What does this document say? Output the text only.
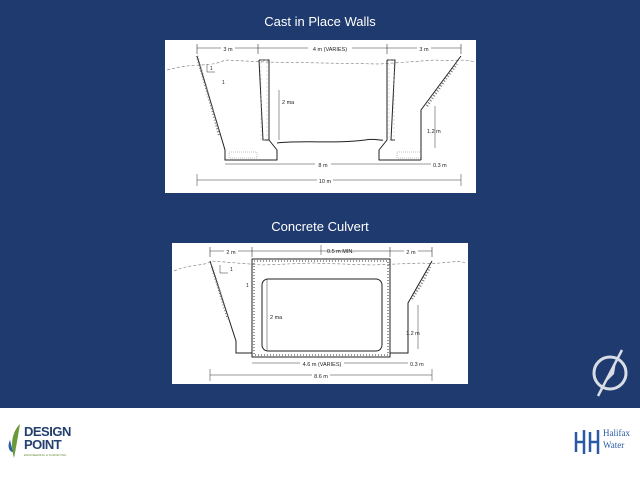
Cast in Place Walls
3 m	4 m (VARIES)	3 m
1
1
2 ma
1.2 m
8 m	0.3 m
10 m
Concrete Culvert
2 m	2 m
0.5 m MIN.
1
1
2 ma
1.2 m
4.6 m (VARIES)	0.3 m
8.6 m
DESIGN
POINT
ENGINEERING & SURVEYING
Halifax
Water
